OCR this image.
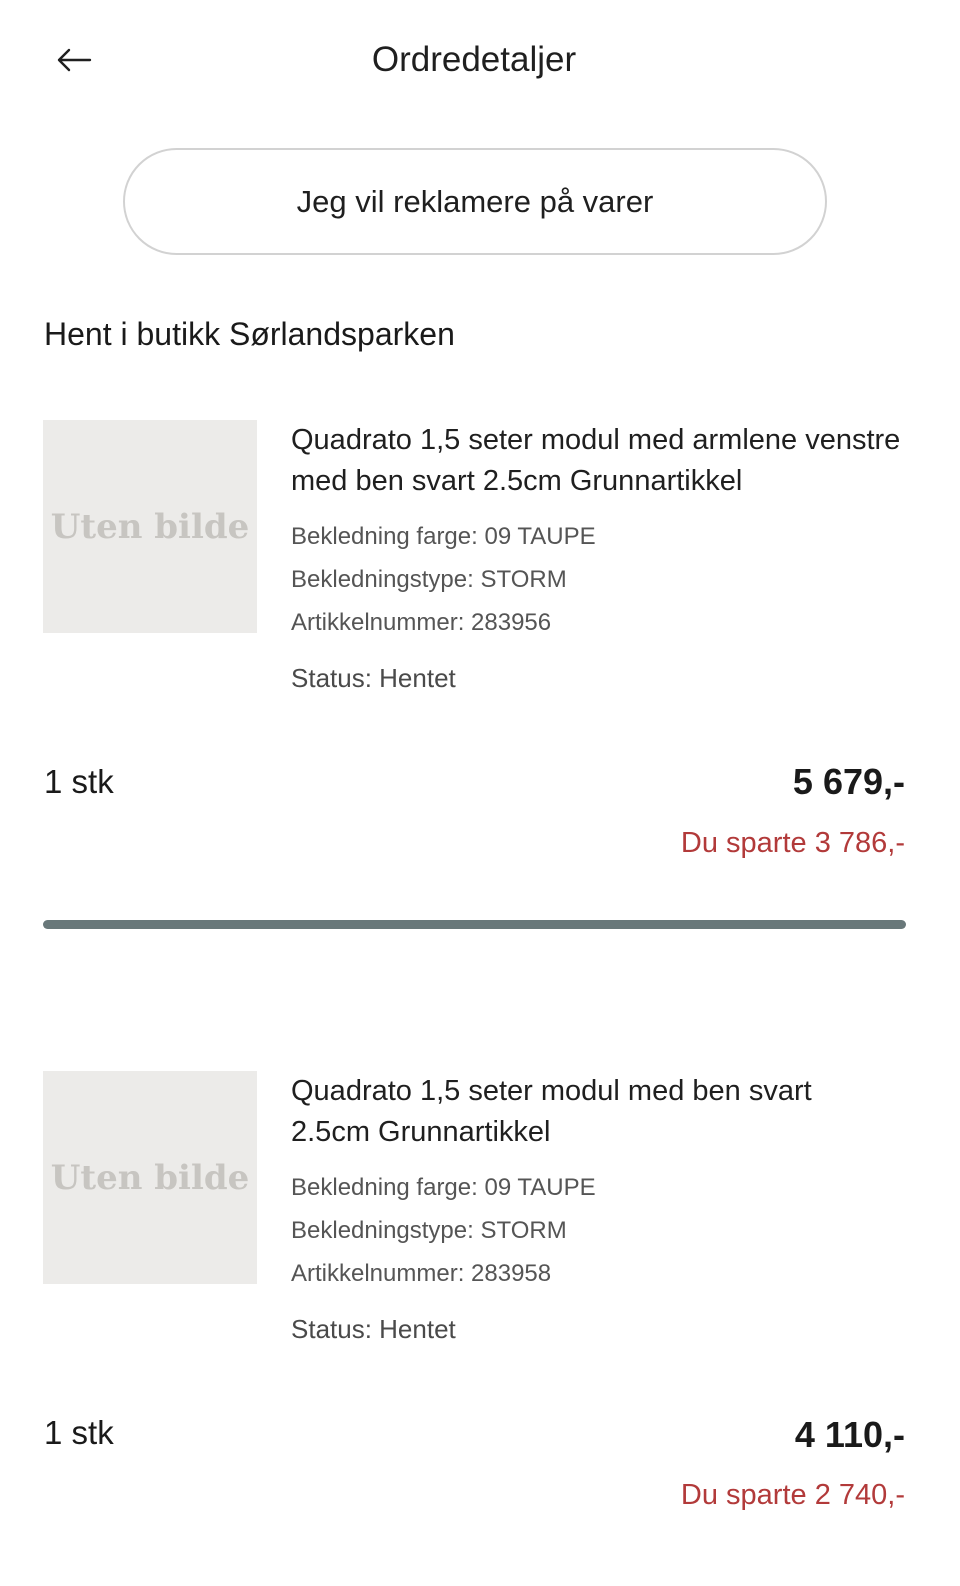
Ordredetaljer
Jeg vil reklamere på varer
Hent i butikk Sørlandsparken
Uten bilde
Quadrato 1,5 seter modul med armlene venstre med ben svart 2.5cm Grunnartikkel
Bekledning farge: 09 TAUPE
Bekledningstype: STORM
Artikkelnummer: 283956
Status: Hentet
1 stk	5 679,-
Du sparte 3 786,-
Uten bilde
Quadrato 1,5 seter modul med ben svart 2.5cm Grunnartikkel
Bekledning farge: 09 TAUPE
Bekledningstype: STORM
Artikkelnummer: 283958
Status: Hentet
1 stk	4 110,-
Du sparte 2 740,-
